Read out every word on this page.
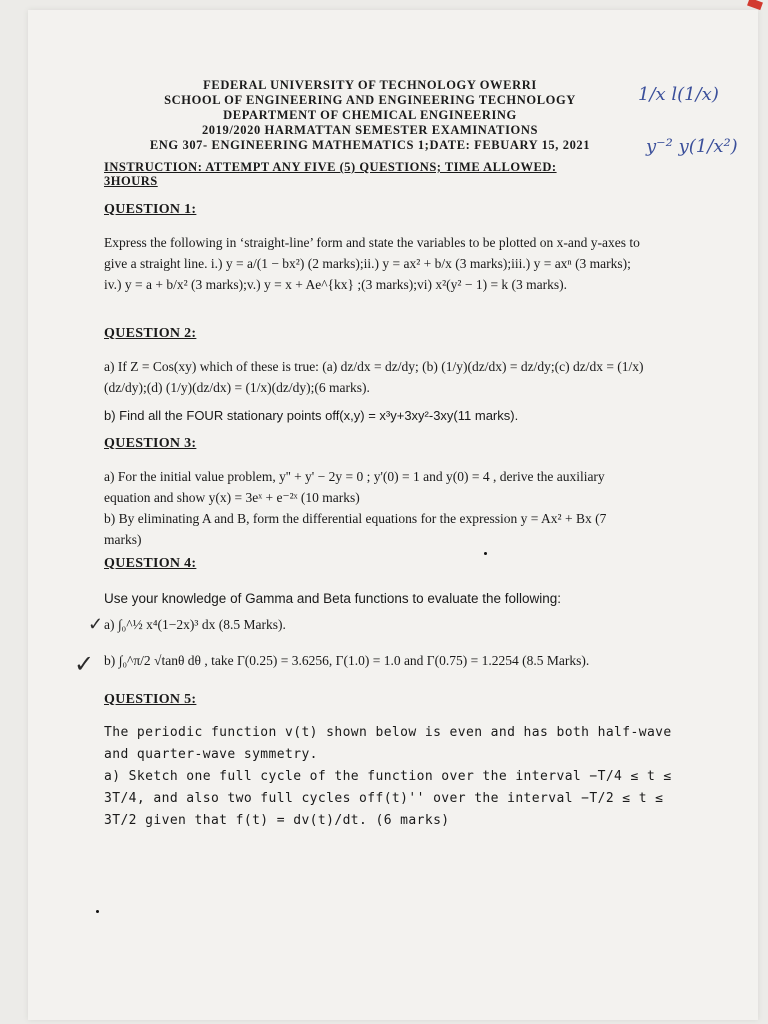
FEDERAL UNIVERSITY OF TECHNOLOGY OWERRI
SCHOOL OF ENGINEERING AND ENGINEERING TECHNOLOGY
DEPARTMENT OF CHEMICAL ENGINEERING
2019/2020 HARMATTAN SEMESTER EXAMINATIONS
ENG 307- ENGINEERING MATHEMATICS 1;DATE: FEBUARY 15, 2021
INSTRUCTION: ATTEMPT ANY FIVE (5) QUESTIONS; TIME ALLOWED:
3HOURS
1/x l(1/x)
y⁻² y(1/x²)
QUESTION 1:
Express the following in ‘straight-line’ form and state the variables to be plotted on x-and y-axes to give a straight line. i.) y = a/(1 − bx²) (2 marks);ii.) y = ax² + b/x (3 marks);iii.) y = axⁿ (3 marks); iv.) y = a + b/x² (3 marks);v.) y = x + Ae^{kx} ;(3 marks);vi) x²(y² − 1) = k (3 marks).
QUESTION 2:
a) If Z = Cos(xy) which of these is true: (a) dz/dx = dz/dy; (b) (1/y)(dz/dx) = dz/dy;(c) dz/dx = (1/x)(dz/dy);(d) (1/y)(dz/dx) = (1/x)(dz/dy);(6 marks).
b) Find all the FOUR stationary points off(x,y) = x³y+3xy²-3xy(11 marks).
QUESTION 3:
a) For the initial value problem, y'' + y' − 2y = 0 ; y'(0) = 1 and y(0) = 4 , derive the auxiliary equation and show y(x) = 3eˣ + e⁻²ˣ (10 marks)
b) By eliminating A and B, form the differential equations for the expression y = Ax² + Bx (7 marks)
QUESTION 4:
Use your knowledge of Gamma and Beta functions to evaluate the following:
✓ a) ∫₀^½ x⁴(1−2x)³ dx (8.5 Marks).
✓ b) ∫₀^π/2 √tanθ dθ , take Γ(0.25) = 3.6256, Γ(1.0) = 1.0 and Γ(0.75) = 1.2254 (8.5 Marks).
QUESTION 5:
The periodic function v(t) shown below is even and has both half-wave and quarter-wave symmetry.
a) Sketch one full cycle of the function over the interval −T/4 ≤ t ≤ 3T/4, and also two full cycles off(t)'' over the interval −T/2 ≤ t ≤ 3T/2 given that f(t) = dv(t)/dt. (6 marks)
